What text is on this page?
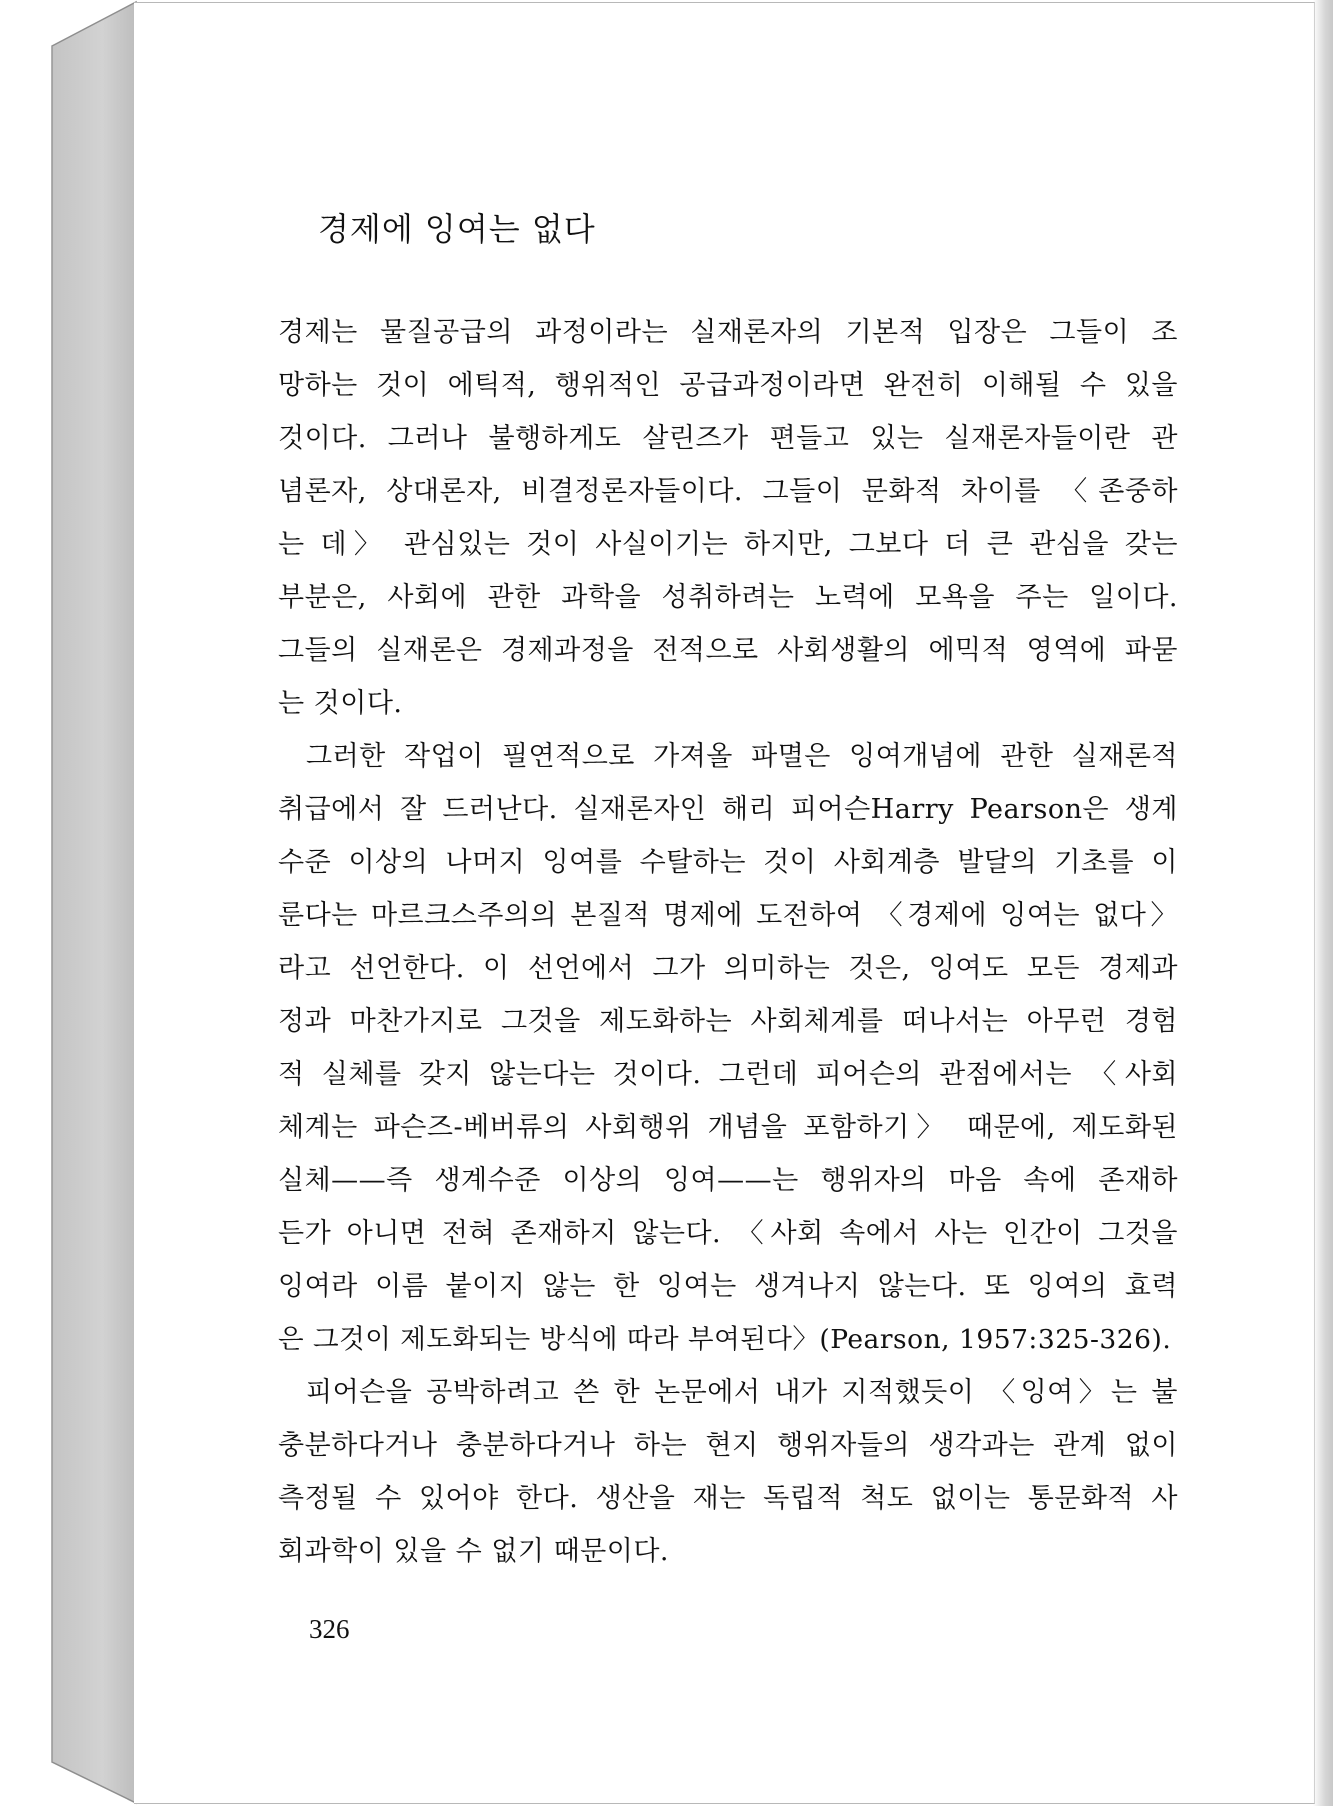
경제에 잉여는 없다
경제는 물질공급의 과정이라는 실재론자의 기본적 입장은 그들이 조
망하는 것이 에틱적, 행위적인 공급과정이라면 완전히 이해될 수 있을
것이다. 그러나 불행하게도 살린즈가 편들고 있는 실재론자들이란 관
념론자, 상대론자, 비결정론자들이다. 그들이 문화적 차이를 〈존중하
는 데〉 관심있는 것이 사실이기는 하지만, 그보다 더 큰 관심을 갖는
부분은, 사회에 관한 과학을 성취하려는 노력에 모욕을 주는 일이다.
그들의 실재론은 경제과정을 전적으로 사회생활의 에믹적 영역에 파묻
는 것이다.
그러한 작업이 필연적으로 가져올 파멸은 잉여개념에 관한 실재론적
취급에서 잘 드러난다. 실재론자인 해리 피어슨Harry Pearson은 생계
수준 이상의 나머지 잉여를 수탈하는 것이 사회계층 발달의 기초를 이
룬다는 마르크스주의의 본질적 명제에 도전하여 〈경제에 잉여는 없다〉
라고 선언한다. 이 선언에서 그가 의미하는 것은, 잉여도 모든 경제과
정과 마찬가지로 그것을 제도화하는 사회체계를 떠나서는 아무런 경험
적 실체를 갖지 않는다는 것이다. 그런데 피어슨의 관점에서는 〈사회
체계는 파슨즈-베버류의 사회행위 개념을 포함하기〉 때문에, 제도화된
실체——즉 생계수준 이상의 잉여——는 행위자의 마음 속에 존재하
든가 아니면 전혀 존재하지 않는다. 〈사회 속에서 사는 인간이 그것을
잉여라 이름 붙이지 않는 한 잉여는 생겨나지 않는다. 또 잉여의 효력
은 그것이 제도화되는 방식에 따라 부여된다〉(Pearson, 1957:325-326).
피어슨을 공박하려고 쓴 한 논문에서 내가 지적했듯이 〈잉여〉는 불
충분하다거나 충분하다거나 하는 현지 행위자들의 생각과는 관계 없이
측정될 수 있어야 한다. 생산을 재는 독립적 척도 없이는 통문화적 사
회과학이 있을 수 없기 때문이다.

326
